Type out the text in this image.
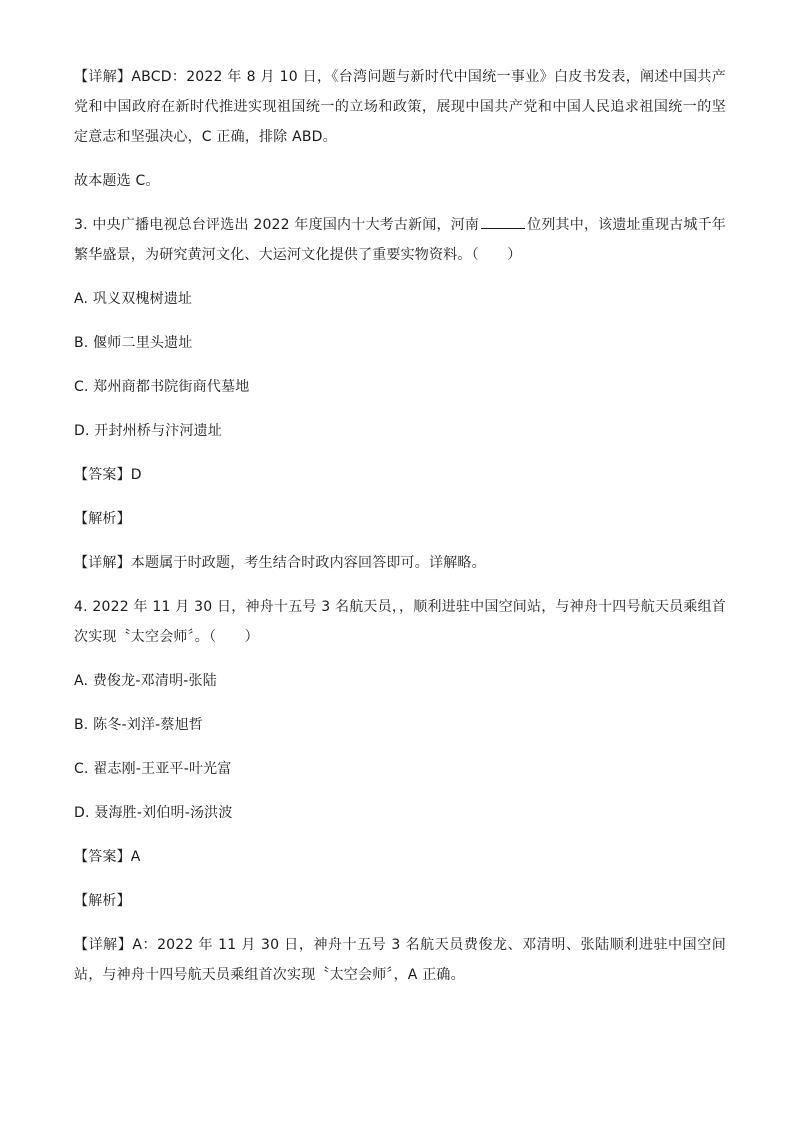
【详解】ABCD：2022 年 8 月 10 日，《台湾问题与新时代中国统一事业》白皮书发表，阐述中国共产党和中国政府在新时代推进实现祖国统一的立场和政策，展现中国共产党和中国人民追求祖国统一的坚定意志和坚强决心，C 正确，排除 ABD。

故本题选 C。

3. 中央广播电视总台评选出 2022 年度国内十大考古新闻，河南	位列其中，该遗址重现古城千年繁华盛景，为研究黄河文化、大运河文化提供了重要实物资料。（　　）

A. 巩义双槐树遗址

B. 偃师二里头遗址

C. 郑州商都书院街商代墓地

D. 开封州桥与汴河遗址

【答案】D

【解析】

【详解】本题属于时政题，考生结合时政内容回答即可。详解略。

4. 2022 年 11 月 30 日，神舟十五号 3 名航天员，，顺利进驻中国空间站，与神舟十四号航天员乘组首次实现〝太空会师〞。（　　）

A. 费俊龙-邓清明-张陆

B. 陈冬-刘洋-蔡旭哲

C. 翟志刚-王亚平-叶光富

D. 聂海胜-刘伯明-汤洪波

【答案】A

【解析】

【详解】A：2022 年 11 月 30 日，神舟十五号 3 名航天员费俊龙、邓清明、张陆顺利进驻中国空间站，与神舟十四号航天员乘组首次实现〝太空会师〞，A 正确。
